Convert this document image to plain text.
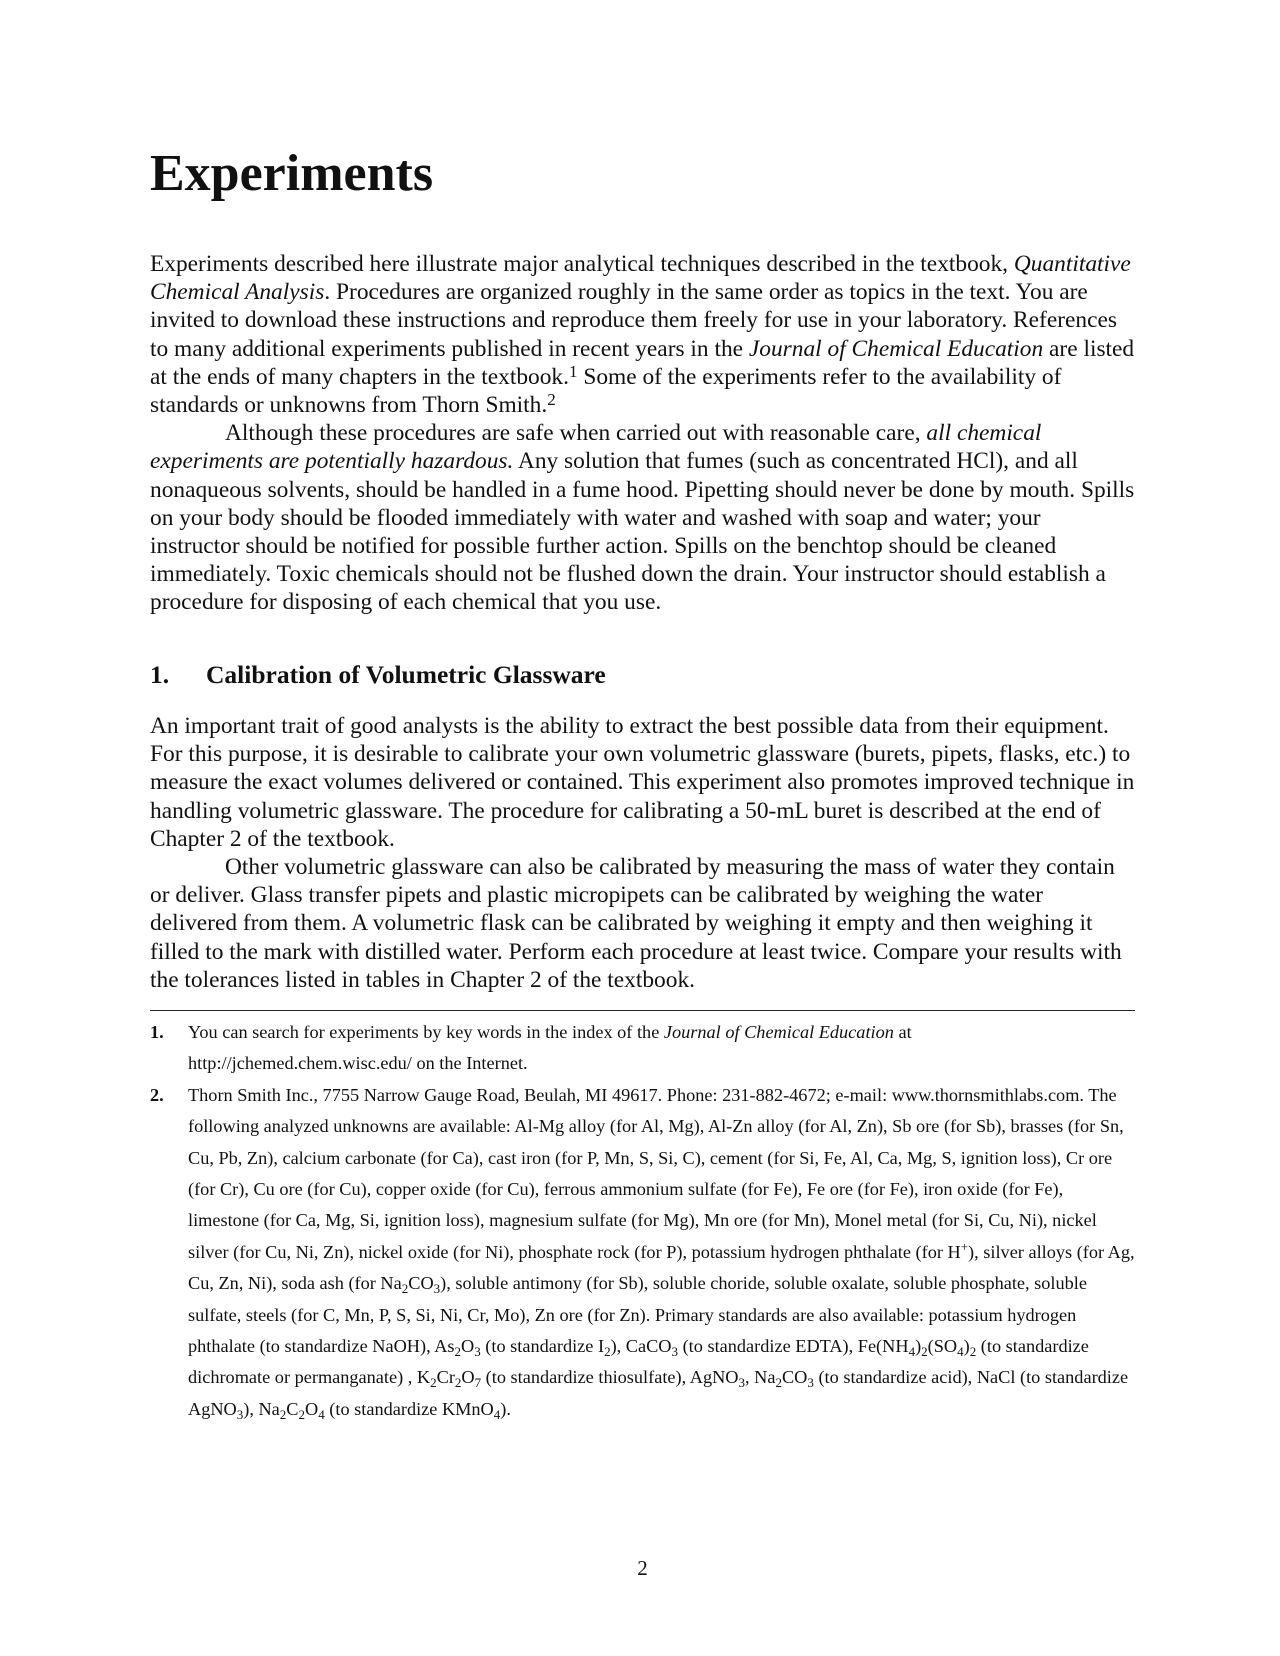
Experiments

Experiments described here illustrate major analytical techniques described in the textbook, Quantitative Chemical Analysis. Procedures are organized roughly in the same order as topics in the text. You are invited to download these instructions and reproduce them freely for use in your laboratory. References to many additional experiments published in recent years in the Journal of Chemical Education are listed at the ends of many chapters in the textbook.$^1$ Some of the experiments refer to the availability of standards or unknowns from Thorn Smith.$^2$

Although these procedures are safe when carried out with reasonable care, all chemical experiments are potentially hazardous. Any solution that fumes (such as concentrated HCl), and all nonaqueous solvents, should be handled in a fume hood. Pipetting should never be done by mouth. Spills on your body should be flooded immediately with water and washed with soap and water; your instructor should be notified for possible further action. Spills on the benchtop should be cleaned immediately. Toxic chemicals should not be flushed down the drain. Your instructor should establish a procedure for disposing of each chemical that you use.

1. Calibration of Volumetric Glassware

An important trait of good analysts is the ability to extract the best possible data from their equipment. For this purpose, it is desirable to calibrate your own volumetric glassware (burets, pipets, flasks, etc.) to measure the exact volumes delivered or contained. This experiment also promotes improved technique in handling volumetric glassware. The procedure for calibrating a 50-mL buret is described at the end of Chapter 2 of the textbook.

Other volumetric glassware can also be calibrated by measuring the mass of water they contain or deliver. Glass transfer pipets and plastic micropipets can be calibrated by weighing the water delivered from them. A volumetric flask can be calibrated by weighing it empty and then weighing it filled to the mark with distilled water. Perform each procedure at least twice. Compare your results with the tolerances listed in tables in Chapter 2 of the textbook.

1. You can search for experiments by key words in the index of the Journal of Chemical Education at http://jchemed.chem.wisc.edu/ on the Internet.
2. Thorn Smith Inc., 7755 Narrow Gauge Road, Beulah, MI 49617. Phone: 231-882-4672; e-mail: www.thornsmithlabs.com. The following analyzed unknowns are available: Al-Mg alloy (for Al, Mg), Al-Zn alloy (for Al, Zn), Sb ore (for Sb), brasses (for Sn, Cu, Pb, Zn), calcium carbonate (for Ca), cast iron (for P, Mn, S, Si, C), cement (for Si, Fe, Al, Ca, Mg, S, ignition loss), Cr ore (for Cr), Cu ore (for Cu), copper oxide (for Cu), ferrous ammonium sulfate (for Fe), Fe ore (for Fe), iron oxide (for Fe), limestone (for Ca, Mg, Si, ignition loss), magnesium sulfate (for Mg), Mn ore (for Mn), Monel metal (for Si, Cu, Ni), nickel silver (for Cu, Ni, Zn), nickel oxide (for Ni), phosphate rock (for P), potassium hydrogen phthalate (for H+), silver alloys (for Ag, Cu, Zn, Ni), soda ash (for $Na_2CO_3$), soluble antimony (for Sb), soluble choride, soluble oxalate, soluble phosphate, soluble sulfate, steels (for C, Mn, P, S, Si, Ni, Cr, Mo), Zn ore (for Zn). Primary standards are also available: potassium hydrogen phthalate (to standardize NaOH), $As_2O_3$ (to standardize $I_2$), CaCO$_3$ (to standardize EDTA), $Fe(NH_4)_2(SO_4)_2$ (to standardize dichromate or permanganate) , $K_2Cr_2O_7$ (to standardize thiosulfate), AgNO$_3$, $Na_2CO_3$ (to standardize acid), NaCl (to standardize AgNO$_3$), $Na_2C_2O_4$ (to standardize KMnO$_4$).
2
